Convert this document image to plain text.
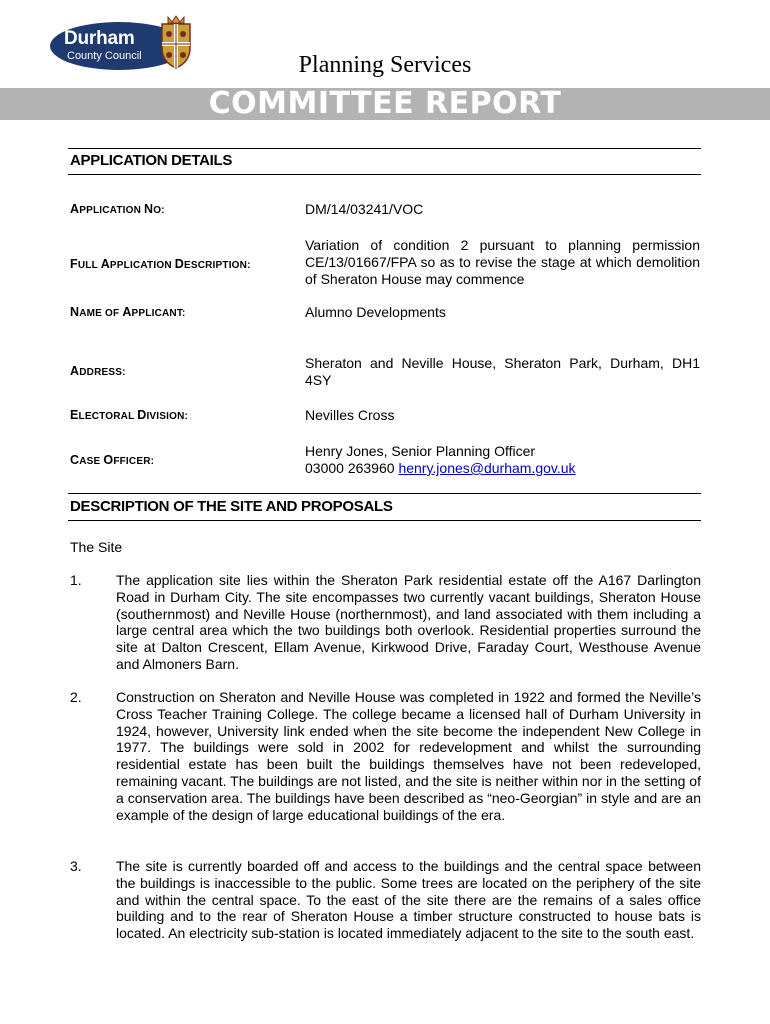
Durham
County Council	Planning Services
COMMITTEE REPORT
APPLICATION DETAILS
APPLICATION NO:	DM/14/03241/VOC
FULL APPLICATION DESCRIPTION:
Variation of condition 2 pursuant to planning permission CE/13/01667/FPA so as to revise the stage at which demolition of Sheraton House may commence
NAME OF APPLICANT:	Alumno Developments
ADDRESS:
Sheraton and Neville House, Sheraton Park, Durham, DH1 4SY
ELECTORAL DIVISION:	Nevilles Cross
CASE OFFICER:
Henry Jones, Senior Planning Officer
03000 263960 henry.jones@durham.gov.uk
DESCRIPTION OF THE SITE AND PROPOSALS
The Site
1. The application site lies within the Sheraton Park residential estate off the A167 Darlington Road in Durham City. The site encompasses two currently vacant buildings, Sheraton House (southernmost) and Neville House (northernmost), and land associated with them including a large central area which the two buildings both overlook. Residential properties surround the site at Dalton Crescent, Ellam Avenue, Kirkwood Drive, Faraday Court, Westhouse Avenue and Almoners Barn.
2. Construction on Sheraton and Neville House was completed in 1922 and formed the Neville’s Cross Teacher Training College. The college became a licensed hall of Durham University in 1924, however, University link ended when the site become the independent New College in 1977. The buildings were sold in 2002 for redevelopment and whilst the surrounding residential estate has been built the buildings themselves have not been redeveloped, remaining vacant. The buildings are not listed, and the site is neither within nor in the setting of a conservation area. The buildings have been described as “neo-Georgian” in style and are an example of the design of large educational buildings of the era.
3. The site is currently boarded off and access to the buildings and the central space between the buildings is inaccessible to the public. Some trees are located on the periphery of the site and within the central space. To the east of the site there are the remains of a sales office building and to the rear of Sheraton House a timber structure constructed to house bats is located. An electricity sub-station is located immediately adjacent to the site to the south east.
